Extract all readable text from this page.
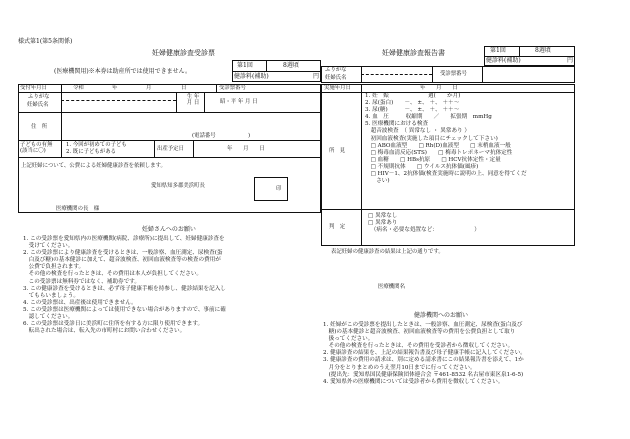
様式第1(第5条関係)
妊婦健康診査受診票
第1回	8週頃
健診料(補助)	円
(医療機関用)※本券は助産所では使用できません。
受付年月日	令和	年	月	日	受診票番号
ふりがな
妊婦氏名
生 年
月 日	昭・平 年 月 日
住　所
(電話番号　　　　　　)
子どもの有無
(該当に〇)
1. 今回が初めての子ども
2. 既に子どもがある	出産予定日	年　　月　　日
上記妊婦について、公費による妊婦健康診査を依頼します。
愛知県知多郡美浜町長	印
医療機関の長　様
妊婦さんへのお願い
1. この受診票を愛知県内の医療機関(病院、診療所)に提出して、妊婦健康診査を
　受けてください。
2. この受診票により健康診査を受けるときは、一般診察、血圧測定、尿検査(蛋
　白及び糖)の基本健診に加えて、超音波検査、初回血液検査等の検査の費用が
　公費で負担されます。
　その他の検査を行ったときは、その費用は本人が負担してください。
　この受診票は無料券ではなく、補助券です。
3. この健康診査を受けるときは、必ず母子健康手帳を持参し、健診結果を記入し
　てもらいましょう。
4. この受診票は、出産後は使用できません。
5. この受診票は医療機関によっては使用できない場合がありますので、事前に確
　認してください。
6. この受診票は受診日に美浜町に住所を有する方に限り使用できます。
　転出された場合は、転入先の市町村にお問い合わせください。
妊婦健康診査報告書	第1回	8週頃
健診料(補助)	円
ふりがな
妊婦氏名
受診票番号
実施年月日	年　　月　　日
所　見
1. 妊　娠　　　　　　　週(　　か月)
2. 尿(蛋白)　　－、 ±、 ＋、 ＋＋〜
3. 尿(糖)　　　－、 ±、 ＋、 ＋＋〜
4. 血　圧　　　収縮期　　／　　拡張期　mmHg
5. 医療機関における検査
　超音波検査　（ 異常なし ・ 異常あり ）
　初回血液検査(実施した項目にチェックして下さい)
　□ ABO血液型　　□ Rh(D)血液型　　□ 末梢血液一般
　□ 梅毒血清反応(STS)　　□ 梅毒トレポネーマ抗体定性
　□ 血糖　　□ HBs抗原　　□ HCV抗体定性・定量
　□ 不規則抗体　　□ ウイルス抗体価(風疹)
　□ HIV－1、2抗体価(検査実施時に説明の上、同意を得てくだ
　　さい)
判　定
□ 異常なし
□ 異常あり
　（病名・必要な処置など：　　　　　　　）
表記妊婦の健康診査の結果は上記の通りです。
医療機関名
健診機関へのお願い
1. 妊婦がこの受診票を提出したときは、一般診察、血圧測定、尿検査(蛋白及び
　糖)の基本健診と超音波検査、初回血液検査等の費用を公費負担として取り
　扱ってください。
　その他の検査を行ったときは、その費用を受診者から徴収してください。
2. 健康診査の結果を、上記の結果報告書及び母子健康手帳に記入してください。
3. 健康診査の費用の請求は、別に定める請求書にこの結果報告書を添えて、1か
　月分をとりまとめのうえ翌月10日までに行ってください。
　(提出先：愛知県国民健康保険団体連合会 〒461-8532 名古屋市東区泉1-6-5)
4. 愛知県外の医療機関については受診者から費用を徴収してください。
